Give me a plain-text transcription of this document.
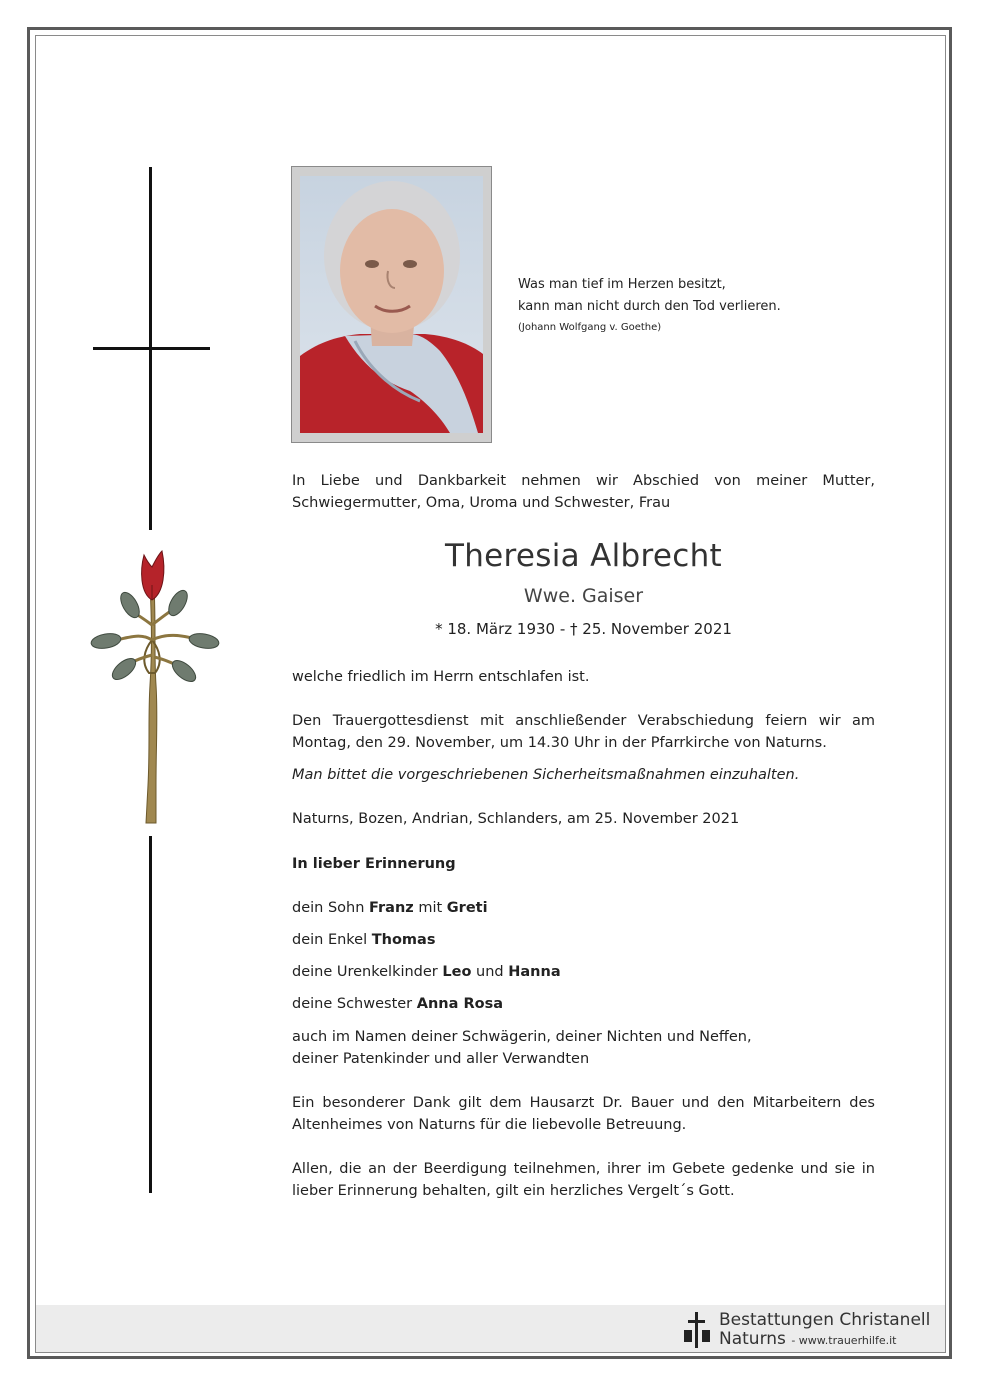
Was man tief im Herzen besitzt,
kann man nicht durch den Tod verlieren.
(Johann Wolfgang v. Goethe)
In Liebe und Dankbarkeit nehmen wir Abschied von meiner Mutter, Schwiegermutter, Oma, Uroma und Schwester, Frau
Theresia Albrecht
Wwe. Gaiser
* 18. März 1930 - † 25. November 2021
welche friedlich im Herrn entschlafen ist.
Den Trauergottesdienst mit anschließender Verabschiedung feiern wir am Montag, den 29. November, um 14.30 Uhr in der Pfarrkirche von Naturns.
Man bittet die vorgeschriebenen Sicherheitsmaßnahmen einzuhalten.
Naturns, Bozen, Andrian, Schlanders, am 25. November 2021
In lieber Erinnerung
dein Sohn Franz mit Greti
dein Enkel Thomas
deine Urenkelkinder Leo und Hanna
deine Schwester Anna Rosa
auch im Namen deiner Schwägerin, deiner Nichten und Neffen,
deiner Patenkinder und aller Verwandten
Ein besonderer Dank gilt dem Hausarzt Dr. Bauer und den Mitarbeitern des Altenheimes von Naturns für die liebevolle Betreuung.
Allen, die an der Beerdigung teilnehmen, ihrer im Gebete gedenke und sie in lieber Erinnerung behalten, gilt ein herzliches Vergelt´s Gott.
Bestattungen Christanell
Naturns - www.trauerhilfe.it
